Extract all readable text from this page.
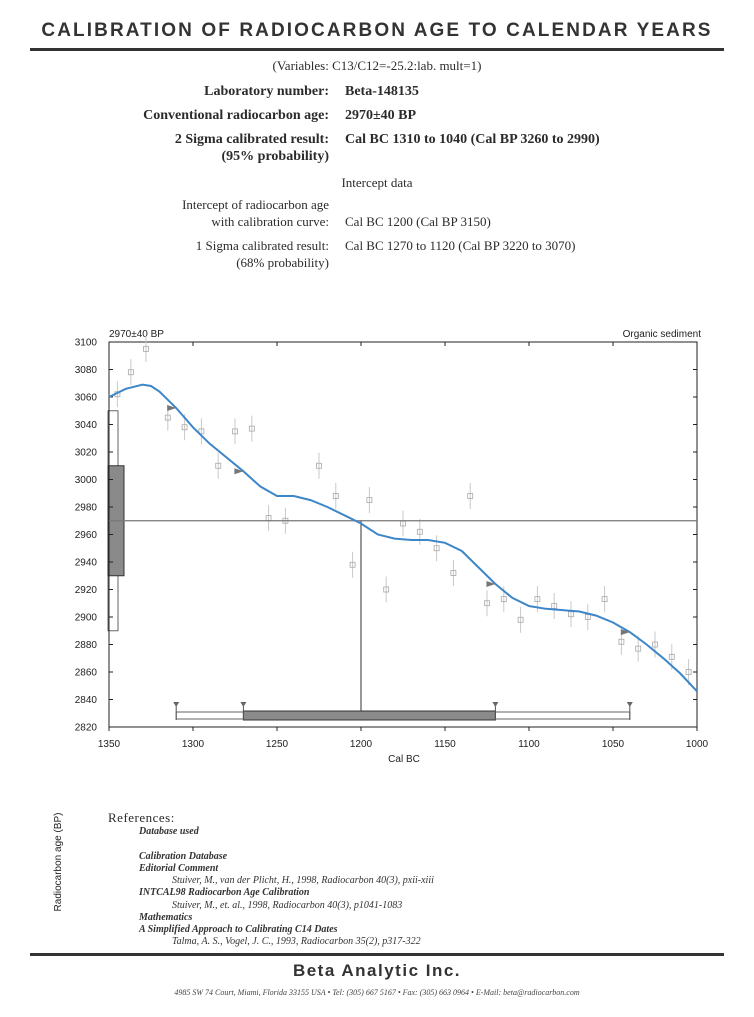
CALIBRATION OF RADIOCARBON AGE TO CALENDAR YEARS
(Variables: C13/C12=-25.2:lab. mult=1)
Laboratory number: Beta-148135
Conventional radiocarbon age: 2970±40 BP
2 Sigma calibrated result:
(95% probability)
Cal BC 1310 to 1040 (Cal BP 3260 to 2990)
Intercept data
Intercept of radiocarbon age
with calibration curve: Cal BC 1200 (Cal BP 3150)
1 Sigma calibrated result:
(68% probability)
Cal BC 1270 to 1120 (Cal BP 3220 to 3070)
2970±40 BP	Organic sediment
2820
2840
2860
2880
2900
2920
2940
2960
2980
3000
3020
3040
3060
3080
3100
1350	1300	1250	1200	1150	1100	1050	1000
Cal BC
Radiocarbon age (BP)	References:
Database used
Calibration Database
Editorial Comment
Stuiver, M., van der Plicht, H., 1998, Radiocarbon 40(3), pxii-xiii
INTCAL98 Radiocarbon Age Calibration
Stuiver, M., et. al., 1998, Radiocarbon 40(3), p1041-1083
Mathematics
A Simplified Approach to Calibrating C14 Dates
Talma, A. S., Vogel, J. C., 1993, Radiocarbon 35(2), p317-322
Beta Analytic Inc.
4985 SW 74 Court, Miami, Florida 33155 USA • Tel: (305) 667 5167 • Fax: (305) 663 0964 • E-Mail: beta@radiocarbon.com
